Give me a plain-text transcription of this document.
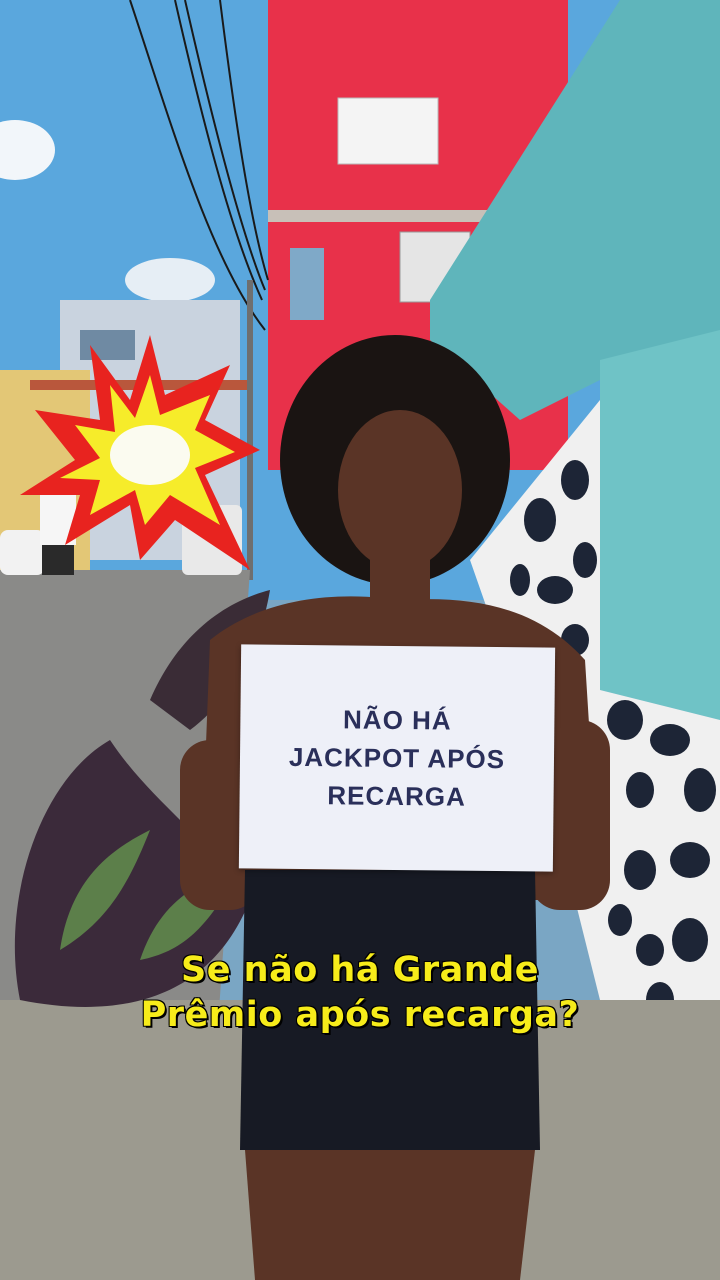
NÃO HÁ
JACKPOT APÓS
RECARGA
Se não há Grande
Prêmio após recarga?
